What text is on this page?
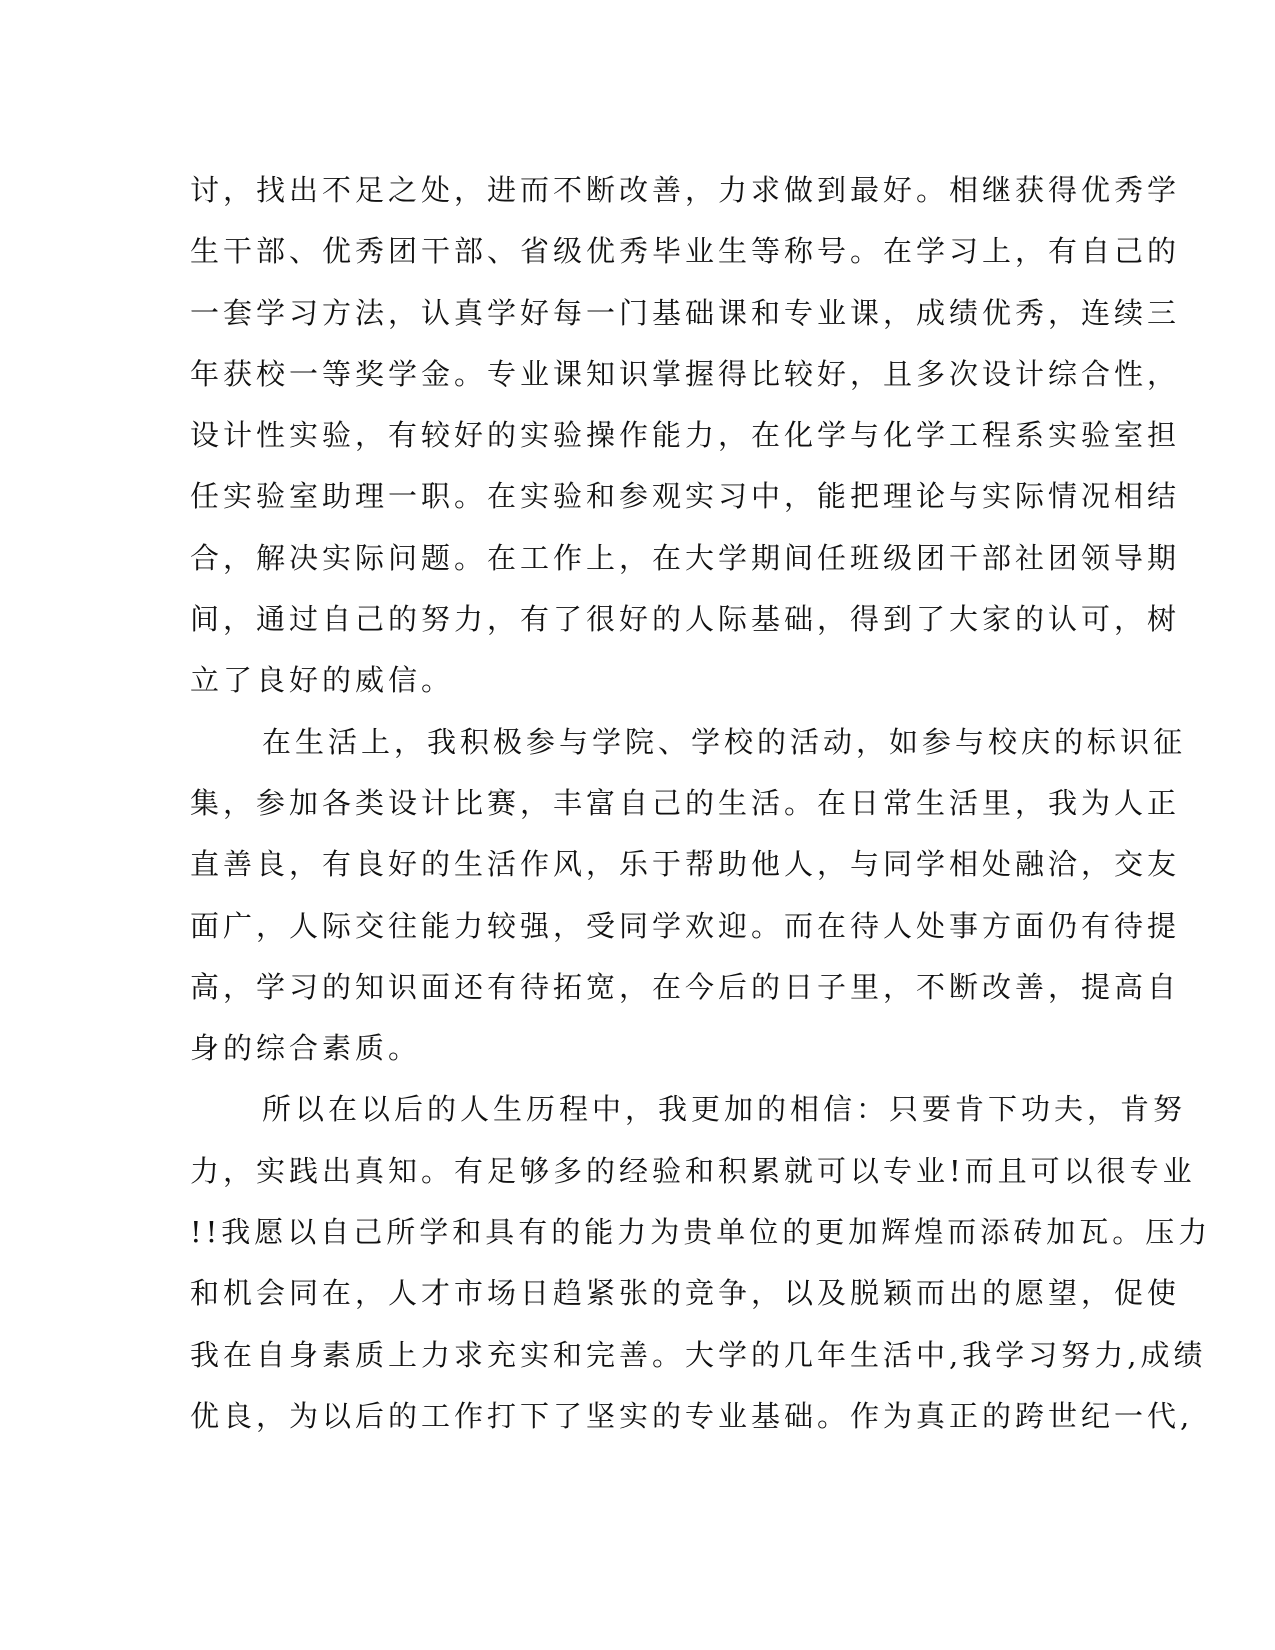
讨，找出不足之处，进而不断改善，力求做到最好。相继获得优秀学
生干部、优秀团干部、省级优秀毕业生等称号。在学习上，有自己的
一套学习方法，认真学好每一门基础课和专业课，成绩优秀，连续三
年获校一等奖学金。专业课知识掌握得比较好，且多次设计综合性，
设计性实验，有较好的实验操作能力，在化学与化学工程系实验室担
任实验室助理一职。在实验和参观实习中，能把理论与实际情况相结
合，解决实际问题。在工作上，在大学期间任班级团干部社团领导期
间，通过自己的努力，有了很好的人际基础，得到了大家的认可，树
立了良好的威信。
在生活上，我积极参与学院、学校的活动，如参与校庆的标识征
集，参加各类设计比赛，丰富自己的生活。在日常生活里，我为人正
直善良，有良好的生活作风，乐于帮助他人，与同学相处融洽，交友
面广，人际交往能力较强，受同学欢迎。而在待人处事方面仍有待提
高，学习的知识面还有待拓宽，在今后的日子里，不断改善，提高自
身的综合素质。
所以在以后的人生历程中，我更加的相信：只要肯下功夫，肯努
力，实践出真知。有足够多的经验和积累就可以专业!而且可以很专业
!!我愿以自己所学和具有的能力为贵单位的更加辉煌而添砖加瓦。压力
和机会同在，人才市场日趋紧张的竞争，以及脱颖而出的愿望，促使
我在自身素质上力求充实和完善。大学的几年生活中,我学习努力,成绩
优良，为以后的工作打下了坚实的专业基础。作为真正的跨世纪一代,
